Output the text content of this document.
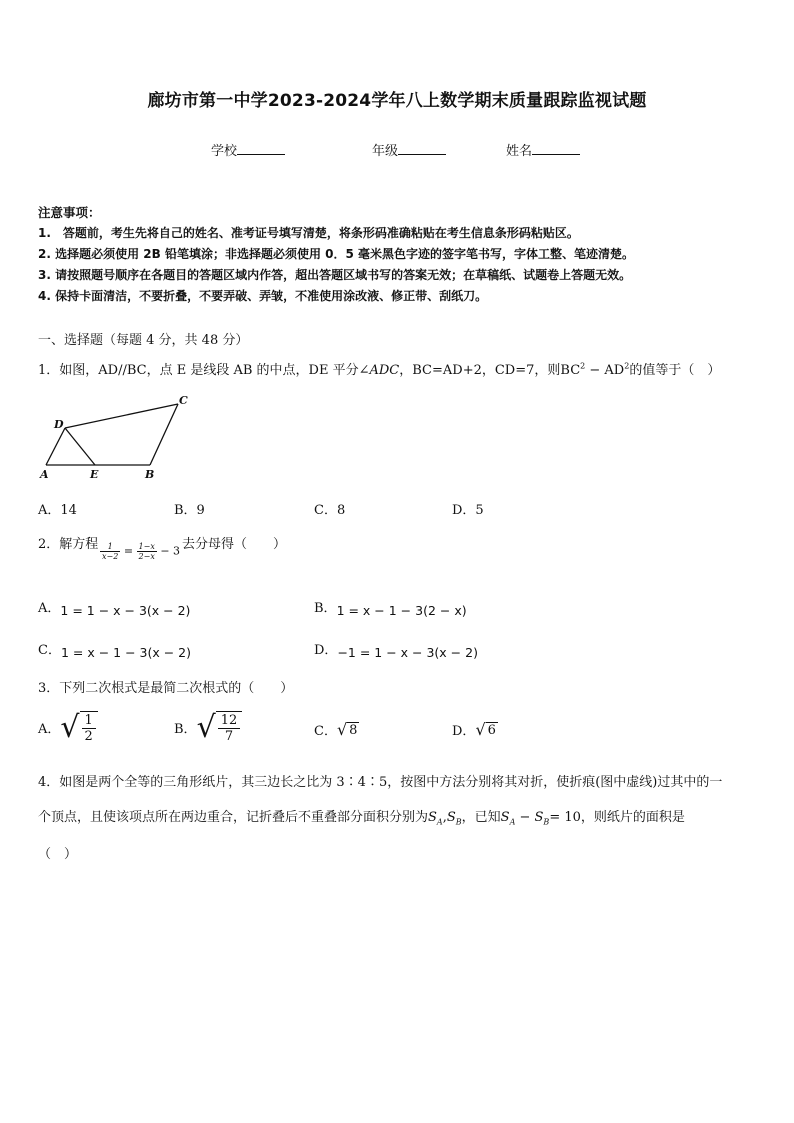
廊坊市第一中学2023-2024学年八上数学期末质量跟踪监视试题
学校	年级	姓名
注意事项：
1.　答题前，考生先将自己的姓名、准考证号填写清楚，将条形码准确粘贴在考生信息条形码粘贴区。
2. 选择题必须使用 2B 铅笔填涂；非选择题必须使用 0．5 毫米黑色字迹的签字笔书写，字体工整、笔迹清楚。
3. 请按照题号顺序在各题目的答题区域内作答，超出答题区域书写的答案无效；在草稿纸、试题卷上答题无效。
4. 保持卡面清洁，不要折叠，不要弄破、弄皱，不准使用涂改液、修正带、刮纸刀。
一、选择题（每题 4 分，共 48 分）
1．如图，AD//BC，点 E 是线段 AB 的中点，DE 平分∠ADC，BC=AD+2，CD=7，则$BC^2 - AD^2$的值等于（　）
A	E	B
D
C
A．14	B．9	C．8	D．5
2．解方程 $\frac{1}{x-2} = \frac{1-x}{2-x} - 3$ 去分母得（　　）
A．1 = 1 − x − 3(x − 2)	B．1 = x − 1 − 3(2 − x)
C．1 = x − 1 − 3(x − 2)	D．−1 = 1 − x − 3(x − 2)
3．下列二次根式是最简二次根式的（　　）
A．√ $\frac{1}{2}$	B．√ $\frac{12}{7}$	C．√ 8	D．√ 6
4．如图是两个全等的三角形纸片，其三边长之比为 3∶4∶5，按图中方法分别将其对折，使折痕(图中虚线)过其中的一
个顶点，且使该项点所在两边重合，记折叠后不重叠部分面积分别为$S_A,S_B$，已知$S_A - S_B= 10$，则纸片的面积是
（　）
